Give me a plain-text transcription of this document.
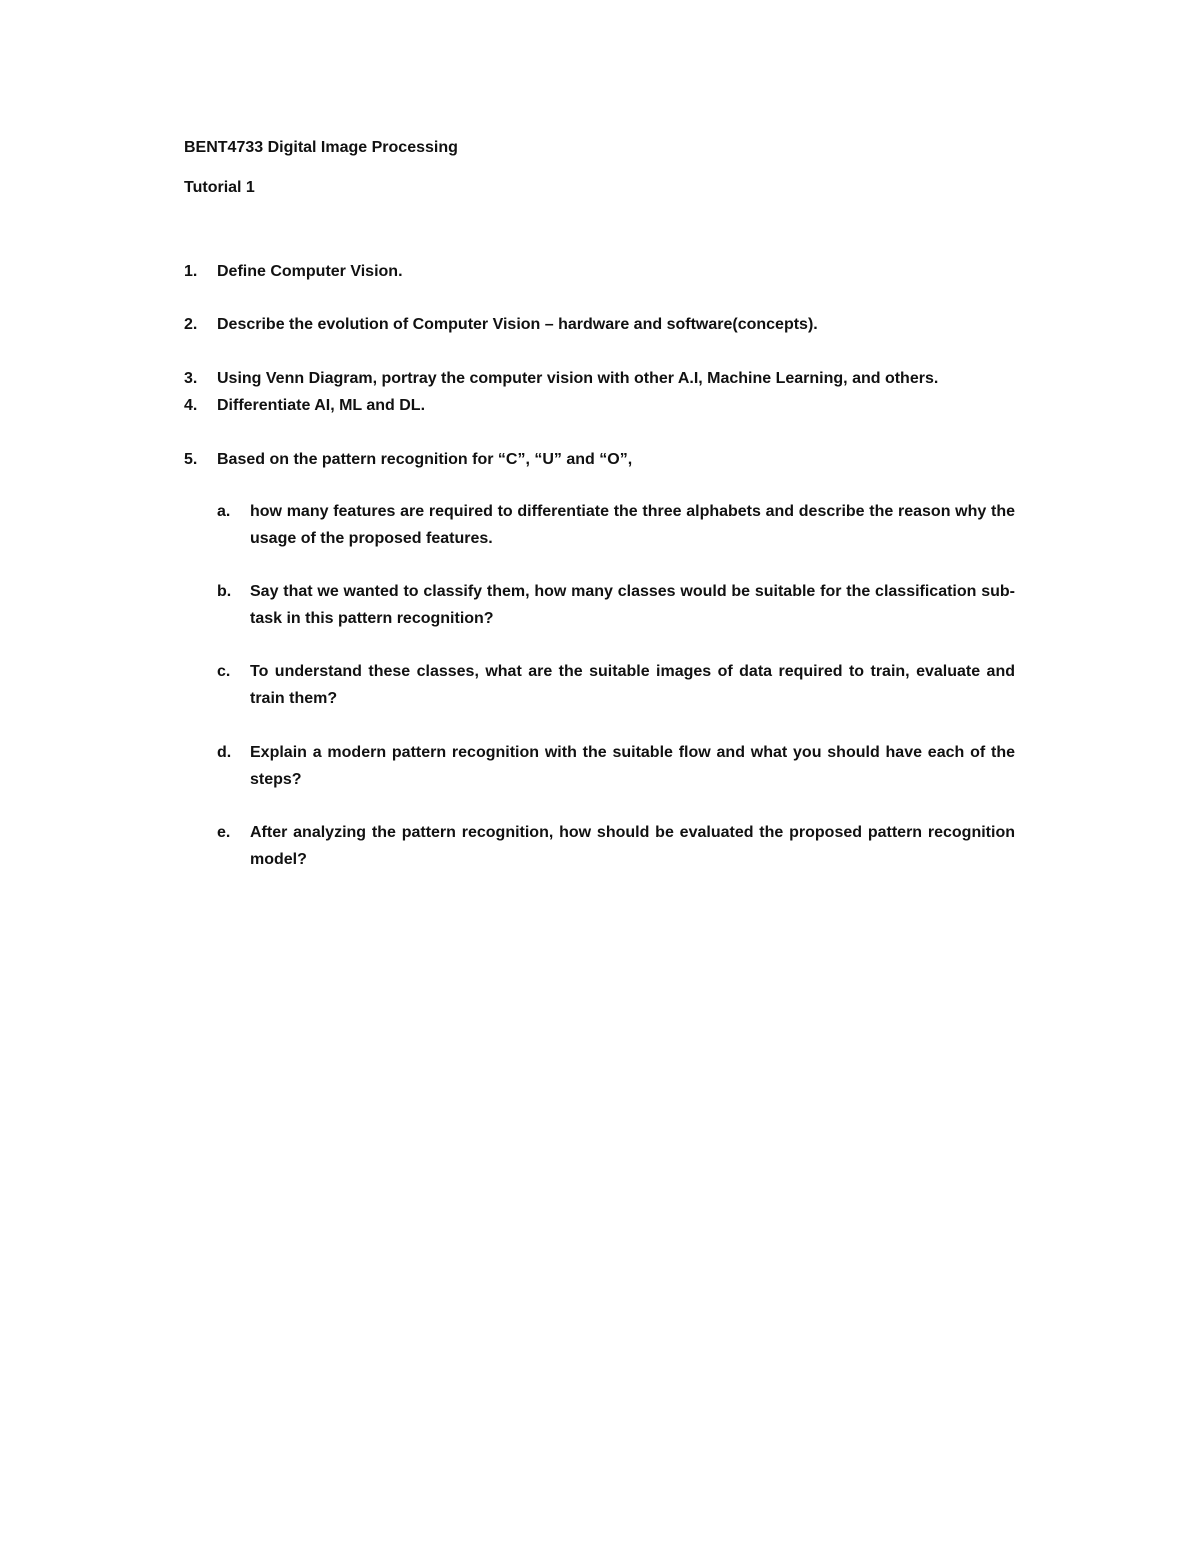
BENT4733 Digital Image Processing
Tutorial 1
1.	Define Computer Vision.
2.	Describe the evolution of Computer Vision – hardware and software(concepts).
3.	Using Venn Diagram, portray the computer vision with other A.I, Machine Learning, and others.
4.	Differentiate AI, ML and DL.
5.	Based on the pattern recognition for “C”, “U” and “O”,
a.	how many features are required to differentiate the three alphabets and describe the reason why the usage of the proposed features.
b.	Say that we wanted to classify them, how many classes would be suitable for the classification sub-task in this pattern recognition?
c.	To understand these classes, what are the suitable images of data required to train, evaluate and train them?
d.	Explain a modern pattern recognition with the suitable flow and what you should have each of the steps?
e.	After analyzing the pattern recognition, how should be evaluated the proposed pattern recognition model?
